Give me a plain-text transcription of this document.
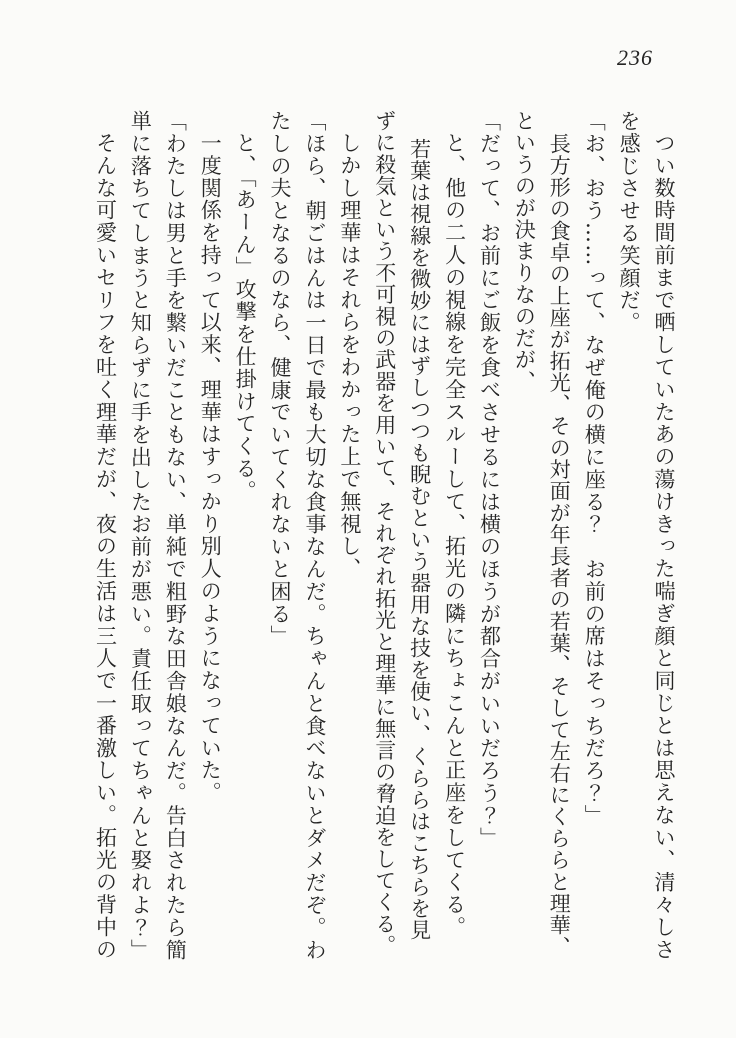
236

つい数時間前まで晒していたあの蕩けきった喘ぎ顔と同じとは思えない、清々しさを感じさせる笑顔だ。

「お、おう……って、なぜ俺の横に座る？　お前の席はそっちだろ？」

長方形の食卓の上座が拓光、その対面が年長者の若葉、そして左右にくららと理華、というのが決まりなのだが、

「だって、お前にご飯を食べさせるには横のほうが都合がいいだろう？」

と、他の二人の視線を完全スルーして、拓光の隣にちょこんと正座をしてくる。

若葉は視線を微妙にはずしつつも睨むという器用な技を使い、くららはこちらを見ずに殺気という不可視の武器を用いて、それぞれ拓光と理華に無言の脅迫をしてくる。

しかし理華はそれらをわかった上で無視し、

「ほら、朝ごはんは一日で最も大切な食事なんだ。ちゃんと食べないとダメだぞ。わたしの夫となるのなら、健康でいてくれないと困る」

と、「あーん」攻撃を仕掛けてくる。

一度関係を持って以来、理華はすっかり別人のようになっていた。

「わたしは男と手を繋いだこともない、単純で粗野な田舎娘なんだ。告白されたら簡単に落ちてしまうと知らずに手を出したお前が悪い。責任取ってちゃんと娶れよ？」

そんな可愛いセリフを吐く理華だが、夜の生活は三人で一番激しい。拓光の背中の
